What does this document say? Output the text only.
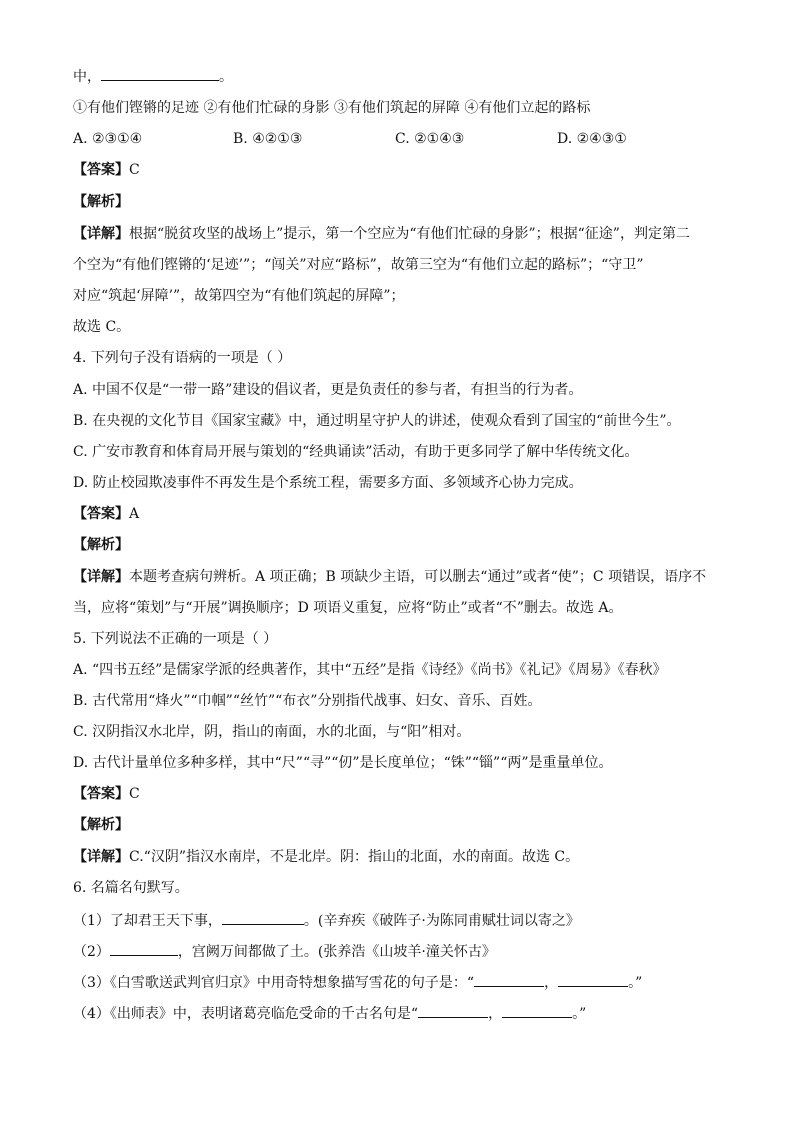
中，	。
①有他们铿锵的足迹 ②有他们忙碌的身影 ③有他们筑起的屏障 ④有他们立起的路标
A. ②③①④	B. ④②①③	C. ②①④③	D. ②④③①
【答案】C
【解析】
【详解】根据“脱贫攻坚的战场上”提示，第一个空应为“有他们忙碌的身影”；根据“征途”，判定第二
个空为“有他们铿锵的‘足迹’”；“闯关”对应“路标”，故第三空为“有他们立起的路标”；“守卫”
对应“筑起‘屏障’”，故第四空为“有他们筑起的屏障”；
故选 C。
4. 下列句子没有语病的一项是（ ）
A. 中国不仅是“一带一路”建设的倡议者，更是负责任的参与者，有担当的行为者。
B. 在央视的文化节目《国家宝藏》中，通过明星守护人的讲述，使观众看到了国宝的“前世今生”。
C. 广安市教育和体育局开展与策划的“经典诵读”活动，有助于更多同学了解中华传统文化。
D. 防止校园欺凌事件不再发生是个系统工程，需要多方面、多领域齐心协力完成。
【答案】A
【解析】
【详解】本题考查病句辨析。A 项正确；B 项缺少主语，可以删去“通过”或者“使”；C 项错误，语序不
当，应将“策划”与“开展”调换顺序；D 项语义重复，应将“防止”或者“不”删去。故选 A。
5. 下列说法不正确的一项是（ ）
A. “四书五经”是儒家学派的经典著作，其中“五经”是指《诗经》《尚书》《礼记》《周易》《春秋》
B. 古代常用“烽火”“巾帼”“丝竹”“布衣”分别指代战事、妇女、音乐、百姓。
C. 汉阴指汉水北岸，阴，指山的南面，水的北面，与“阳”相对。
D. 古代计量单位多种多样，其中“尺”“寻”“仞”是长度单位；“铢”“锱”“两”是重量单位。
【答案】C
【解析】
【详解】C.“汉阴”指汉水南岸，不是北岸。阴：指山的北面，水的南面。故选 C。
6. 名篇名句默写。
（1）了却君王天下事，	。(辛弃疾《破阵子·为陈同甫赋壮词以寄之》
（2）	，宫阙万间都做了土。(张养浩《山坡羊·潼关怀古》
（3）《白雪歌送武判官归京》中用奇特想象描写雪花的句子是：“	，	。”
（4）《出师表》中，表明诸葛亮临危受命的千古名句是“	，	。”
